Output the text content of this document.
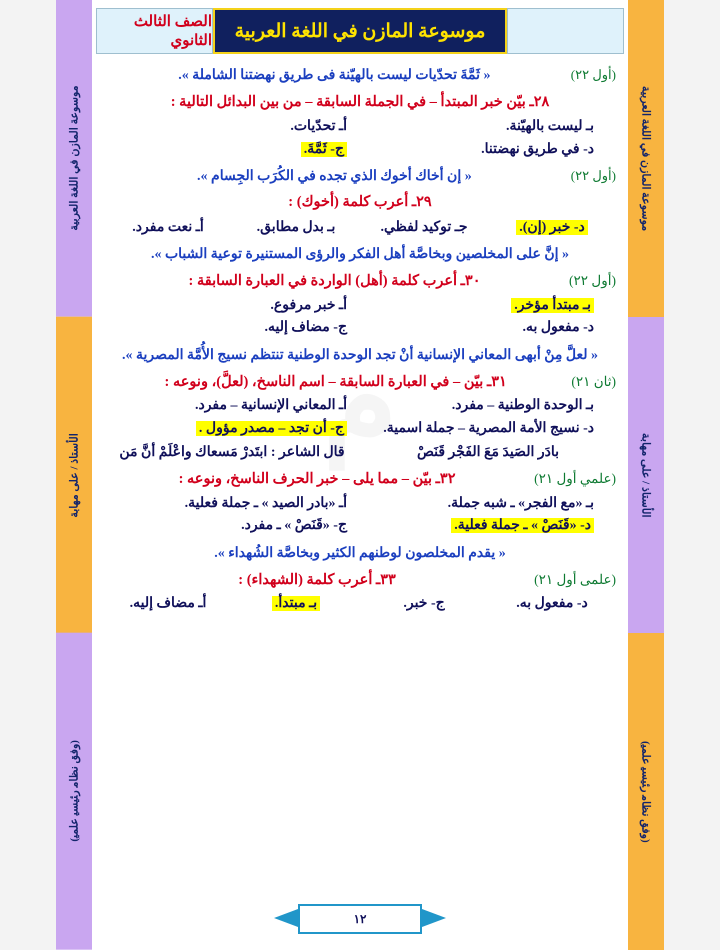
موسوعة المازن في اللغة العربية
الأستاذ / على مهابة
(وفق ن‍ظ‍‍ام‍ ر‍ئ‍ي‍س‍ي‍ ع‍ل‍م‍ي‍)
موسوعة المازن في اللغة العربية
الأستاذ / على مهابة
(وفق ن‍ظ‍‍ام‍ ر‍ئ‍ي‍س‍ي‍ ع‍ل‍م‍ي‍)
موسوعة المازن في اللغة العربية
الصف الثالث الثانوي
م
(أول ٢٢)
« ثَمَّةَ تحدّيات ليست بالهيّنة فى طريق نهضتنا الشاملة ».
٢٨ـ بيّن خبر المبتدأ – في الجملة السابقة – من بين البدائل التالية :
بـ ليست بالهيّنة.
أـ تحدّيات.
د- في طريق نهضتنا.
ج- ثَمَّةَ.
(أول ٢٢)
« إن أخاك أخوك الذي تجده في الكُرَب الجِسام ».
٢٩ـ أعرب كلمة (أخوك) :
د- خبر (إن).
جـ توكيد لفظي.
بـ بدل مطابق.
أـ نعت مفرد.
« إنَّ على المخلصين وبخاصَّة أهل الفكر والرؤى المستنيرة توعية الشباب ».
(أول ٢٢)
٣٠ـ أعرب كلمة (أهل) الواردة في العبارة السابقة :
بـ مبتدأ مؤخر.
أـ خبر مرفوع.
د- مفعول به.
ج- مضاف إليه.
« لعلَّ مِنْ أبهى المعاني الإنسانية أنْ تجد الوحدة الوطنية تنتظم نسيج الأُمَّة المصرية ».
(ثان ٢١)
٣١ـ بيّن – في العبارة السابقة – اسم الناسخ، (لعلَّ)، ونوعه :
بـ الوحدة الوطنية – مفرد.
أـ المعاني الإنسانية – مفرد.
د- نسيج الأمة المصرية – جملة اسمية.
ج- أن تجد – مصدر مؤول .
بادَر الصَيدَ مَعَ الفَجْر قَنَصْ
قال الشاعر : ابتَدرْ مَسعاك واعْلَمْ أنَّ مَن
(علمي أول ٢١)
٣٢ـ بيّن – مما يلى – خبر الحرف الناسخ، ونوعه :
بـ «مع الفجر» ـ شبه جملة.
أـ «بادر الصيد » ـ جملة فعلية.
د- «قَنَصْ » ـ جملة فعلية.
ج- «قَنَصْ » ـ مفرد.
« يقدم المخلصون لوطنهم الكثير وبخاصَّة الشُهداء ».
(علمى أول ٢١)
٣٣ـ أعرب كلمة (الشهداء) :
د- مفعول به.
ج- خبر.
بـ مبتدأ.
أـ مضاف إليه.
١٢
